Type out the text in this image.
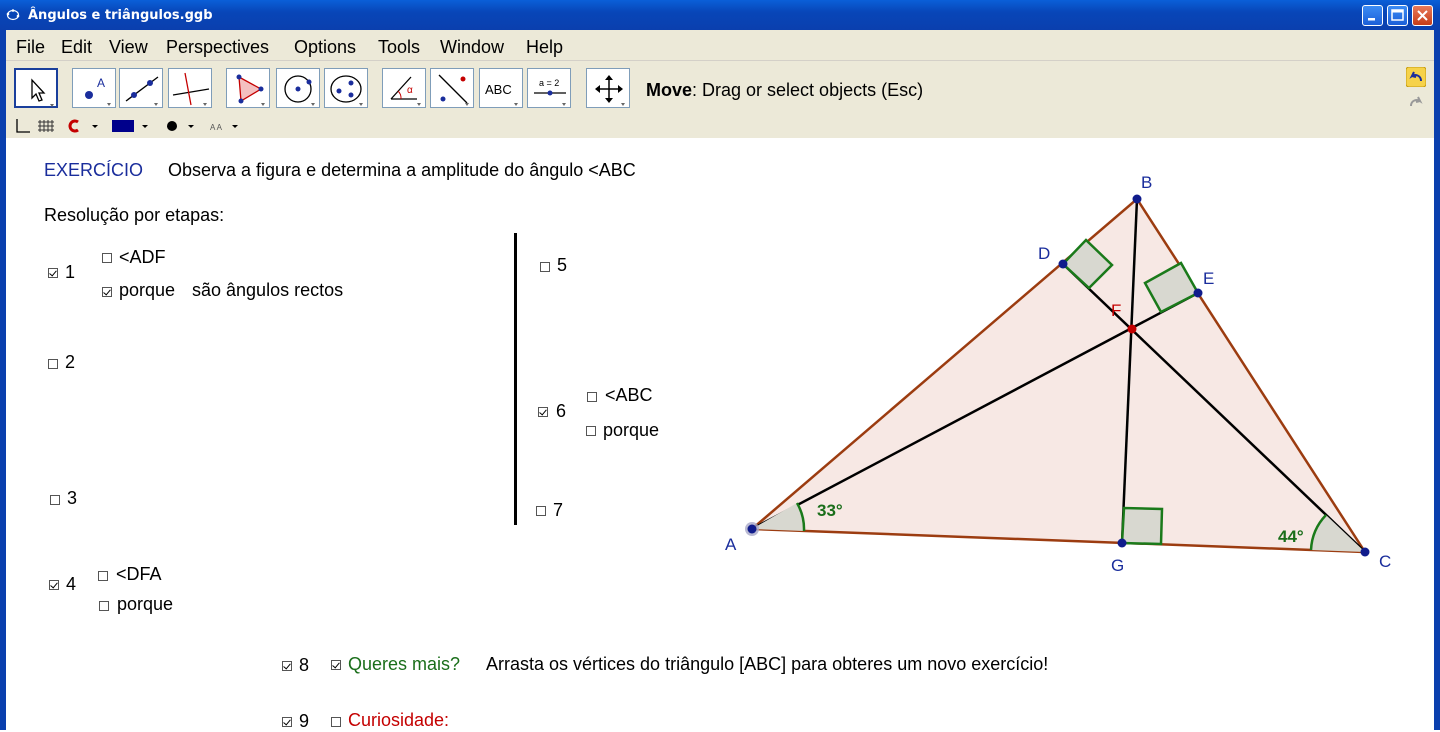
Ângulos e triângulos.ggb
File Edit View Perspectives Options Tools Window Help
A
α	ABC	a = 2	Move: Drag or select objects (Esc)
A A
EXERCÍCIO Observa a figura e determina a amplitude do ângulo <ABC
Resolução por etapas:
1
<ADF
porque são ângulos rectos
2
3
4 <DFA
porque
5
6
<ABC
porque
7
8 Queres mais? Arrasta os vértices do triângulo [ABC] para obteres um novo exercício!
9 Curiosidade:
A
B
C
D
E
F
G
33°
44°
